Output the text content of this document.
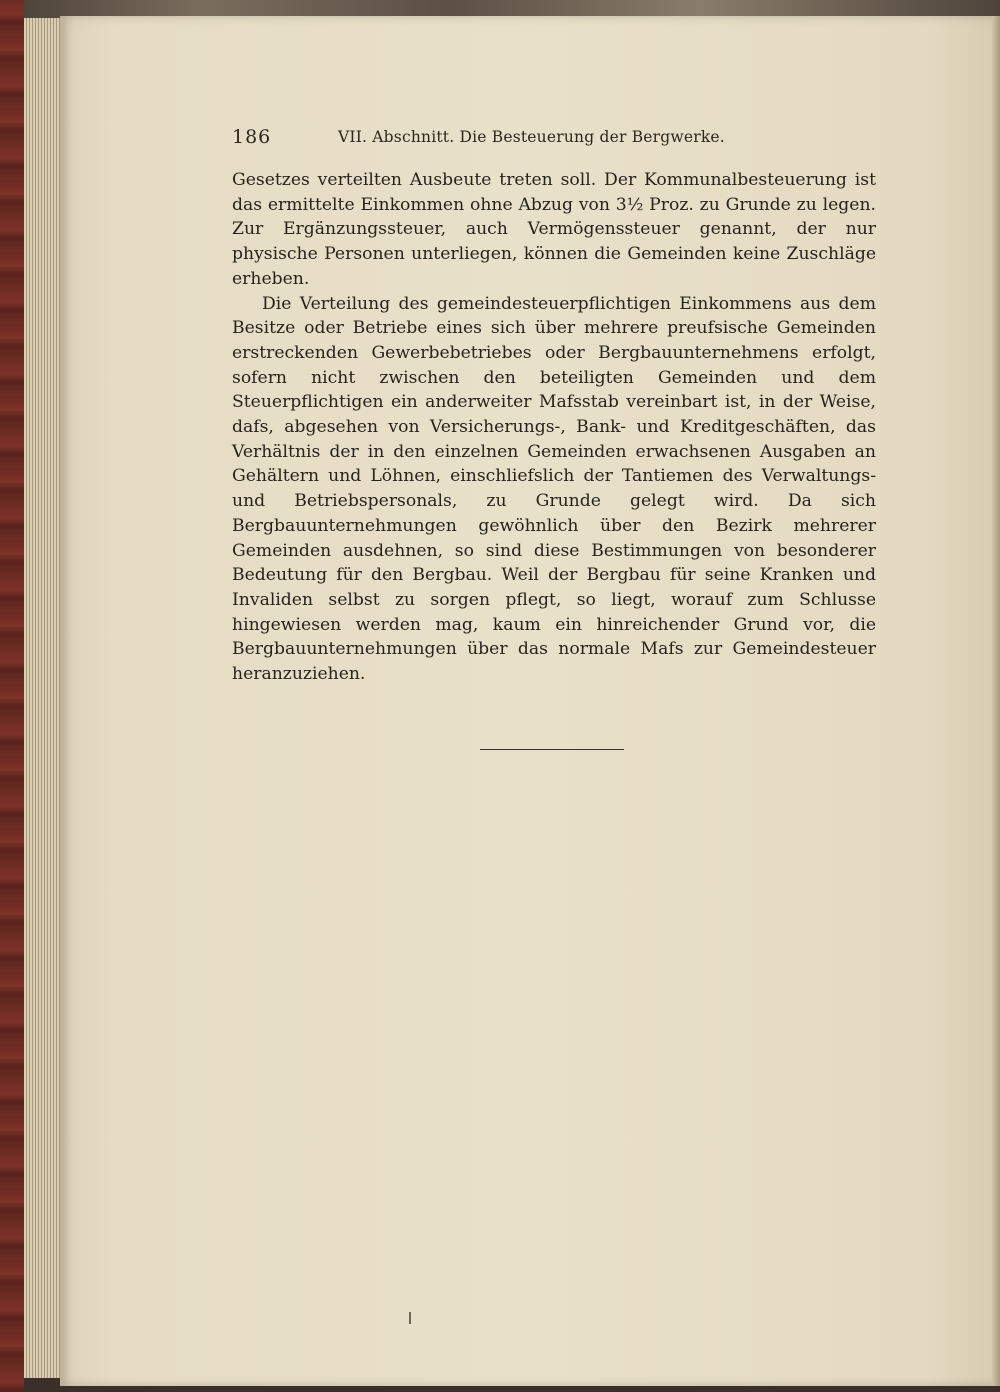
186	VII. Abschnitt. Die Besteuerung der Bergwerke.

Gesetzes verteilten Ausbeute treten soll. Der Kommunalbesteuerung ist das ermittelte Einkommen ohne Abzug von 3½ Proz. zu Grunde zu legen. Zur Ergänzungssteuer, auch Vermögenssteuer genannt, der nur physische Personen unterliegen, können die Gemeinden keine Zuschläge erheben.

Die Verteilung des gemeindesteuerpflichtigen Einkommens aus dem Besitze oder Betriebe eines sich über mehrere preufsische Gemeinden erstreckenden Gewerbebetriebes oder Bergbauunternehmens erfolgt, sofern nicht zwischen den beteiligten Gemeinden und dem Steuerpflichtigen ein anderweiter Mafsstab vereinbart ist, in der Weise, dafs, abgesehen von Versicherungs-, Bank- und Kreditgeschäften, das Verhältnis der in den einzelnen Gemeinden erwachsenen Ausgaben an Gehältern und Löhnen, einschliefslich der Tantiemen des Verwaltungs- und Betriebspersonals, zu Grunde gelegt wird. Da sich Bergbauunternehmungen gewöhnlich über den Bezirk mehrerer Gemeinden ausdehnen, so sind diese Bestimmungen von besonderer Bedeutung für den Bergbau. Weil der Bergbau für seine Kranken und Invaliden selbst zu sorgen pflegt, so liegt, worauf zum Schlusse hingewiesen werden mag, kaum ein hinreichender Grund vor, die Bergbauunternehmungen über das normale Mafs zur Gemeindesteuer heranzuziehen.
